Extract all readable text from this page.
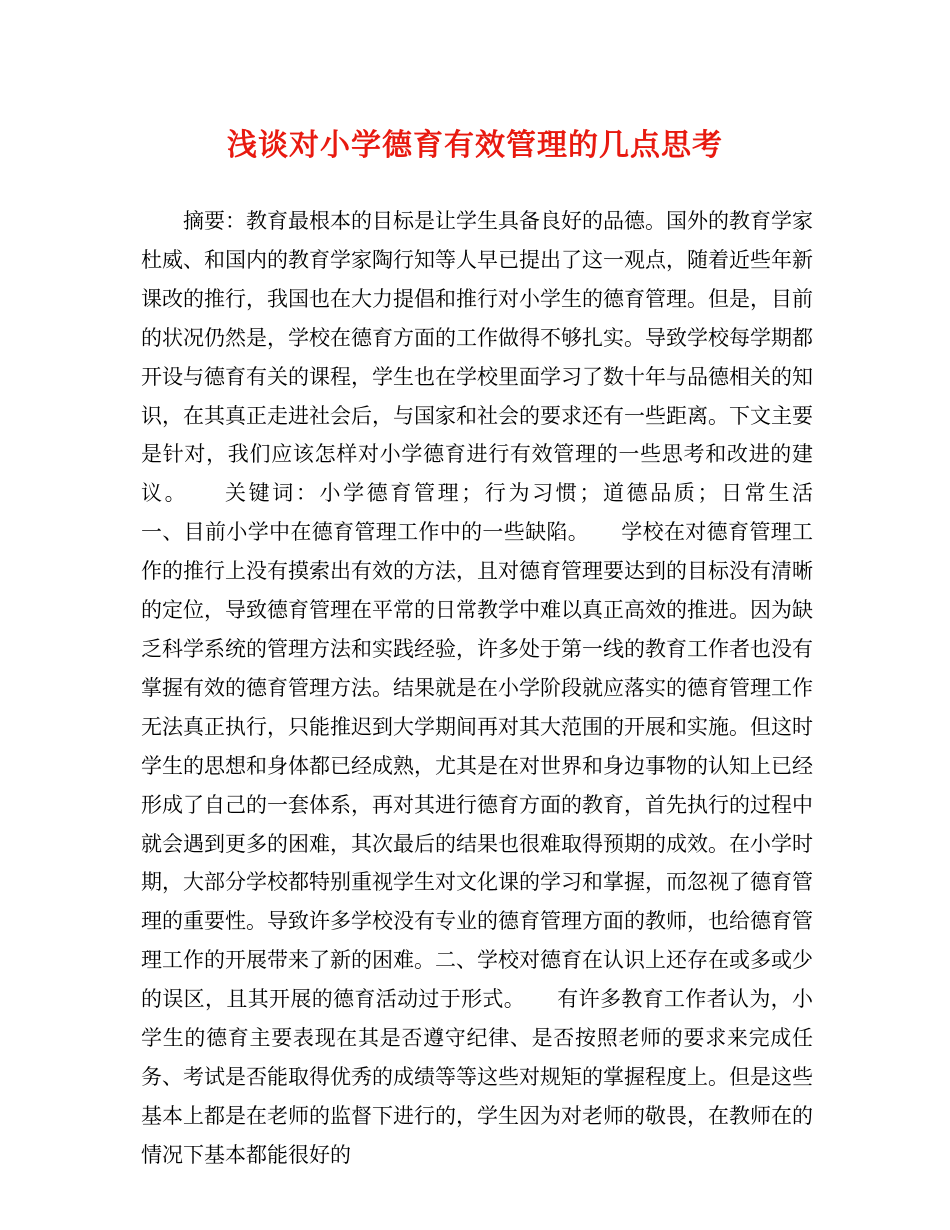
浅谈对小学德育有效管理的几点思考

摘要：教育最根本的目标是让学生具备良好的品德。国外的教育学家杜威、和国内的教育学家陶行知等人早已提出了这一观点，随着近些年新课改的推行，我国也在大力提倡和推行对小学生的德育管理。但是，目前的状况仍然是，学校在德育方面的工作做得不够扎实。导致学校每学期都开设与德育有关的课程，学生也在学校里面学习了数十年与品德相关的知识，在其真正走进社会后，与国家和社会的要求还有一些距离。下文主要是针对，我们应该怎样对小学德育进行有效管理的一些思考和改进的建议。　　关键词：小学德育管理；行为习惯；道德品质；日常生活　　一、目前小学中在德育管理工作中的一些缺陷。　　学校在对德育管理工作的推行上没有摸索出有效的方法，且对德育管理要达到的目标没有清晰的定位，导致德育管理在平常的日常教学中难以真正高效的推进。因为缺乏科学系统的管理方法和实践经验，许多处于第一线的教育工作者也没有掌握有效的德育管理方法。结果就是在小学阶段就应落实的德育管理工作无法真正执行，只能推迟到大学期间再对其大范围的开展和实施。但这时学生的思想和身体都已经成熟，尤其是在对世界和身边事物的认知上已经形成了自己的一套体系，再对其进行德育方面的教育，首先执行的过程中就会遇到更多的困难，其次最后的结果也很难取得预期的成效。在小学时期，大部分学校都特别重视学生对文化课的学习和掌握，而忽视了德育管理的重要性。导致许多学校没有专业的德育管理方面的教师，也给德育管理工作的开展带来了新的困难。二、学校对德育在认识上还存在或多或少的误区，且其开展的德育活动过于形式。　　有许多教育工作者认为，小学生的德育主要表现在其是否遵守纪律、是否按照老师的要求来完成任务、考试是否能取得优秀的成绩等等这些对规矩的掌握程度上。但是这些基本上都是在老师的监督下进行的，学生因为对老师的敬畏，在教师在的情况下基本都能很好的
